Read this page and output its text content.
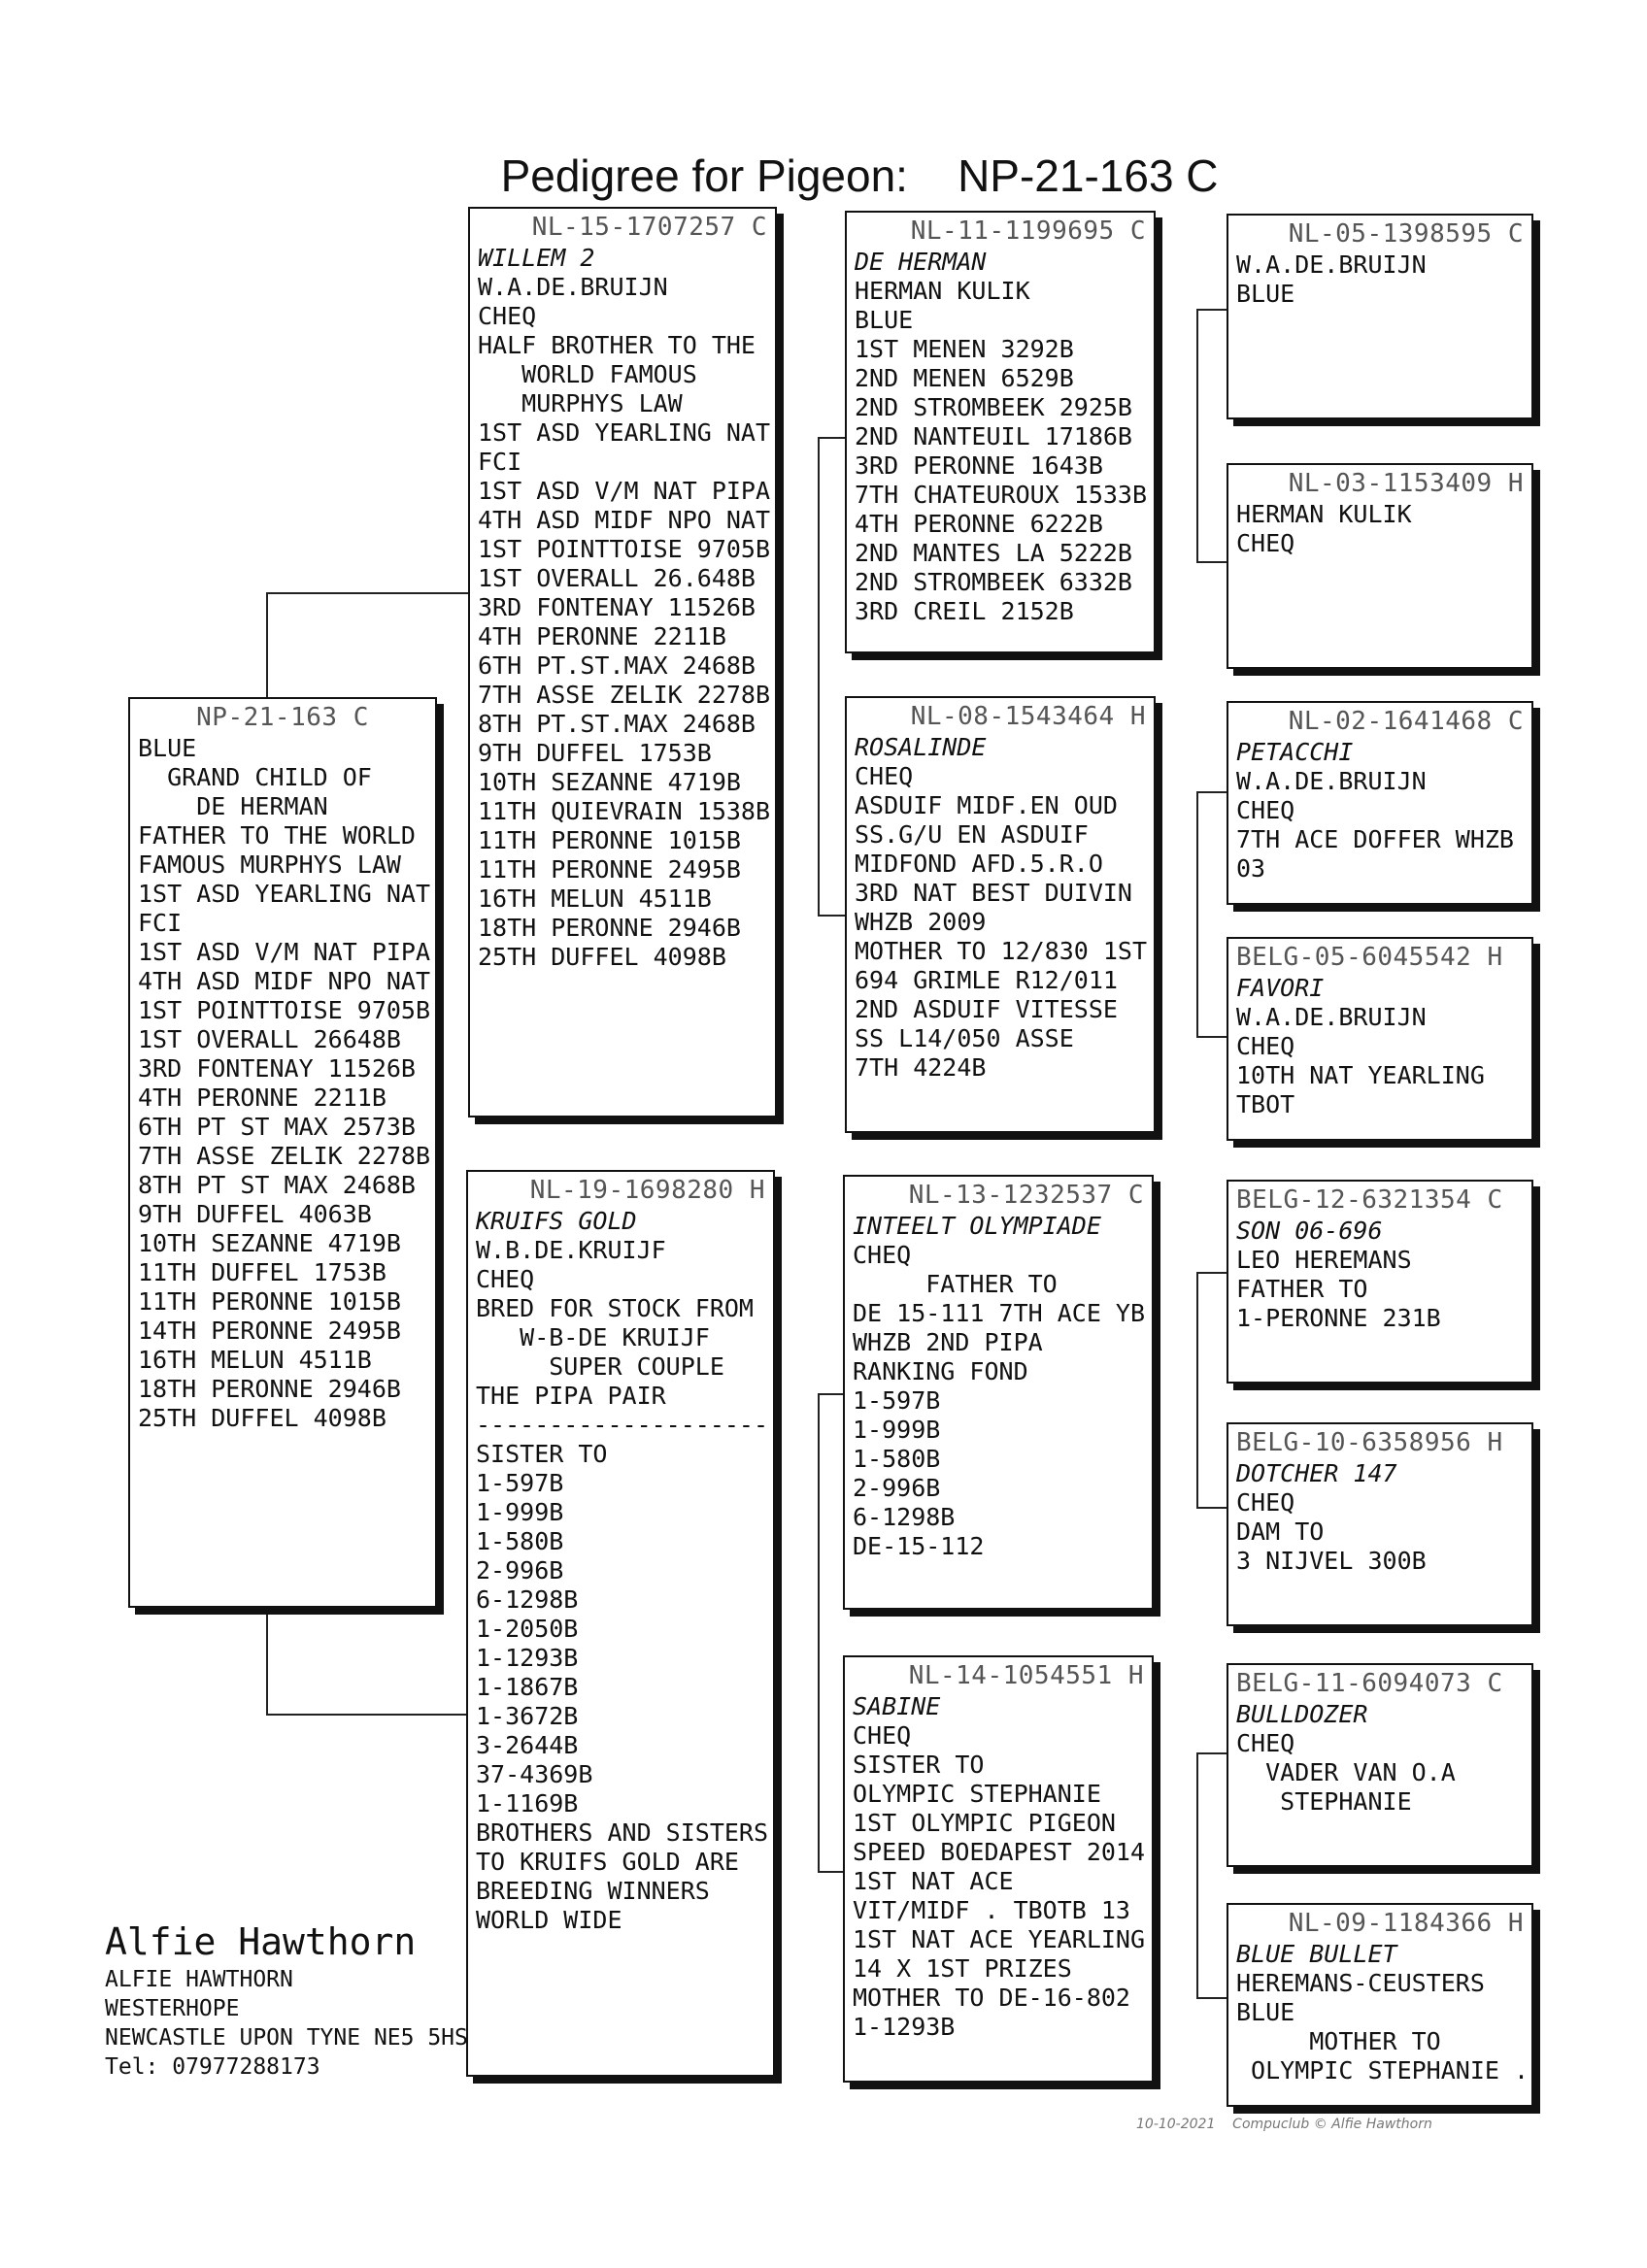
Pedigree for Pigeon: NP-21-163 C

NP-21-163 C
BLUE
GRAND CHILD OF
DE HERMAN
FATHER TO THE WORLD
FAMOUS MURPHYS LAW
1ST ASD YEARLING NAT
FCI
1ST ASD V/M NAT PIPA
4TH ASD MIDF NPO NAT
1ST POINTTOISE 9705B
1ST OVERALL 26648B
3RD FONTENAY 11526B
4TH PERONNE 2211B
6TH PT ST MAX 2573B
7TH ASSE ZELIK 2278B
8TH PT ST MAX 2468B
9TH DUFFEL 4063B
10TH SEZANNE 4719B
11TH DUFFEL 1753B
11TH PERONNE 1015B
14TH PERONNE 2495B
16TH MELUN 4511B
18TH PERONNE 2946B
25TH DUFFEL 4098B
NL-15-1707257 C
WILLEM 2
W.A.DE.BRUIJN
CHEQ
HALF BROTHER TO THE
WORLD FAMOUS
MURPHYS LAW
1ST ASD YEARLING NAT
FCI
1ST ASD V/M NAT PIPA
4TH ASD MIDF NPO NAT
1ST POINTTOISE 9705B
1ST OVERALL 26.648B
3RD FONTENAY 11526B
4TH PERONNE 2211B
6TH PT.ST.MAX 2468B
7TH ASSE ZELIK 2278B
8TH PT.ST.MAX 2468B
9TH DUFFEL 1753B
10TH SEZANNE 4719B
11TH QUIEVRAIN 1538B
11TH PERONNE 1015B
11TH PERONNE 2495B
16TH MELUN 4511B
18TH PERONNE 2946B
25TH DUFFEL 4098B
NL-19-1698280 H
KRUIFS GOLD
W.B.DE.KRUIJF
CHEQ
BRED FOR STOCK FROM
W-B-DE KRUIJF
SUPER COUPLE
THE PIPA PAIR
--------------------
SISTER TO
1-597B
1-999B
1-580B
2-996B
6-1298B
1-2050B
1-1293B
1-1867B
1-3672B
3-2644B
37-4369B
1-1169B
BROTHERS AND SISTERS
TO KRUIFS GOLD ARE
BREEDING WINNERS
WORLD WIDE
NL-11-1199695 C
DE HERMAN
HERMAN KULIK
BLUE
1ST MENEN 3292B
2ND MENEN 6529B
2ND STROMBEEK 2925B
2ND NANTEUIL 17186B
3RD PERONNE 1643B
7TH CHATEUROUX 1533B
4TH PERONNE 6222B
2ND MANTES LA 5222B
2ND STROMBEEK 6332B
3RD CREIL 2152B
NL-08-1543464 H
ROSALINDE
CHEQ
ASDUIF MIDF.EN OUD
SS.G/U EN ASDUIF
MIDFOND AFD.5.R.O
3RD NAT BEST DUIVIN
WHZB 2009
MOTHER TO 12/830 1ST
694 GRIMLE R12/011
2ND ASDUIF VITESSE
SS L14/050 ASSE
7TH 4224B
NL-13-1232537 C
INTEELT OLYMPIADE
CHEQ
FATHER TO
DE 15-111 7TH ACE YB
WHZB 2ND PIPA
RANKING FOND
1-597B
1-999B
1-580B
2-996B
6-1298B
DE-15-112
NL-14-1054551 H
SABINE
CHEQ
SISTER TO
OLYMPIC STEPHANIE
1ST OLYMPIC PIGEON
SPEED BOEDAPEST 2014
1ST NAT ACE
VIT/MIDF . TBOTB 13
1ST NAT ACE YEARLING
14 X 1ST PRIZES
MOTHER TO DE-16-802
1-1293B
NL-05-1398595 C
W.A.DE.BRUIJN
BLUE
NL-03-1153409 H
HERMAN KULIK
CHEQ
NL-02-1641468 C
PETACCHI
W.A.DE.BRUIJN
CHEQ
7TH ACE DOFFER WHZB
03
BELG-05-6045542 H
FAVORI
W.A.DE.BRUIJN
CHEQ
10TH NAT YEARLING
TBOT
BELG-12-6321354 C
SON 06-696
LEO HEREMANS
FATHER TO
1-PERONNE 231B
BELG-10-6358956 H
DOTCHER 147
CHEQ
DAM TO
3 NIJVEL 300B
BELG-11-6094073 C
BULLDOZER
CHEQ
VADER VAN O.A
STEPHANIE
NL-09-1184366 H
BLUE BULLET
HEREMANS-CEUSTERS
BLUE
MOTHER TO
OLYMPIC STEPHANIE .
Alfie Hawthorn
ALFIE HAWTHORN
WESTERHOPE
NEWCASTLE UPON TYNE NE5 5HS
Tel: 07977288173
10-10-2021    Compuclub © Alfie Hawthorn
